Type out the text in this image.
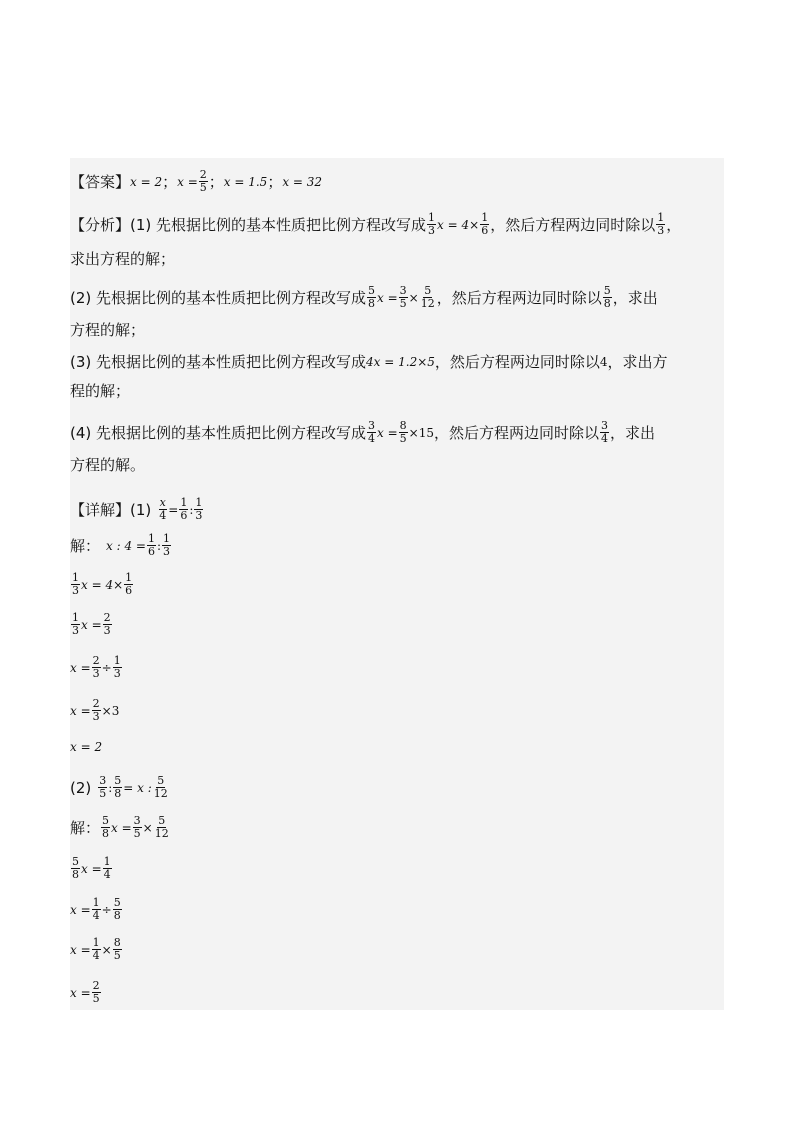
【答案】 x = 2 ； $x = \frac{2}{5}$ ； x = 1.5 ； x = 32
【分析】 (1) 先根据比例的基本性质把比例方程改写成 $\frac{1}{3}$ $x = 4\times \frac{1}{6}$ ，然后方程两边同时除以 $\frac{1}{3}$ ，
求出方程的解；
(2) 先根据比例的基本性质把比例方程改写成 $\frac{5}{8}$ $x = \frac{3}{5} \times \frac{5}{12}$ ，然后方程两边同时除以 $\frac{5}{8}$ ，求出
方程的解；
(3) 先根据比例的基本性质把比例方程改写成 4x = 1.2×5 ，然后方程两边同时除以 4 ，求出方
程的解；
(4) 先根据比例的基本性质把比例方程改写成 $\frac{3}{4}$ $x = \frac{8}{5} \times 15$ ，然后方程两边同时除以 $\frac{3}{4}$ ，求出
方程的解。
【详解】 $(1) \frac{x}{4} = \frac{1}{6}$ : $\frac{1}{3}$
解： x : $4 = \frac{1}{6}$ : $\frac{1}{3}$
$\frac{1}{3}$ $x = 4\times \frac{1}{6}$
$\frac{1}{3}$ $x = \frac{2}{3}$
$x = \frac{2}{3} \div \frac{1}{3}$
$x = \frac{2}{3} \times 3$
x = 2
$(2) \frac{3}{5}$ : $\frac{5}{8} = x$ : $\frac{5}{12}$
解： $\frac{5}{8}$ $x = \frac{3}{5} \times \frac{5}{12}$
$\frac{5}{8}$ $x = \frac{1}{4}$
$x = \frac{1}{4} \div \frac{5}{8}$
$x = \frac{1}{4} \times \frac{8}{5}$
$x = \frac{2}{5}$
